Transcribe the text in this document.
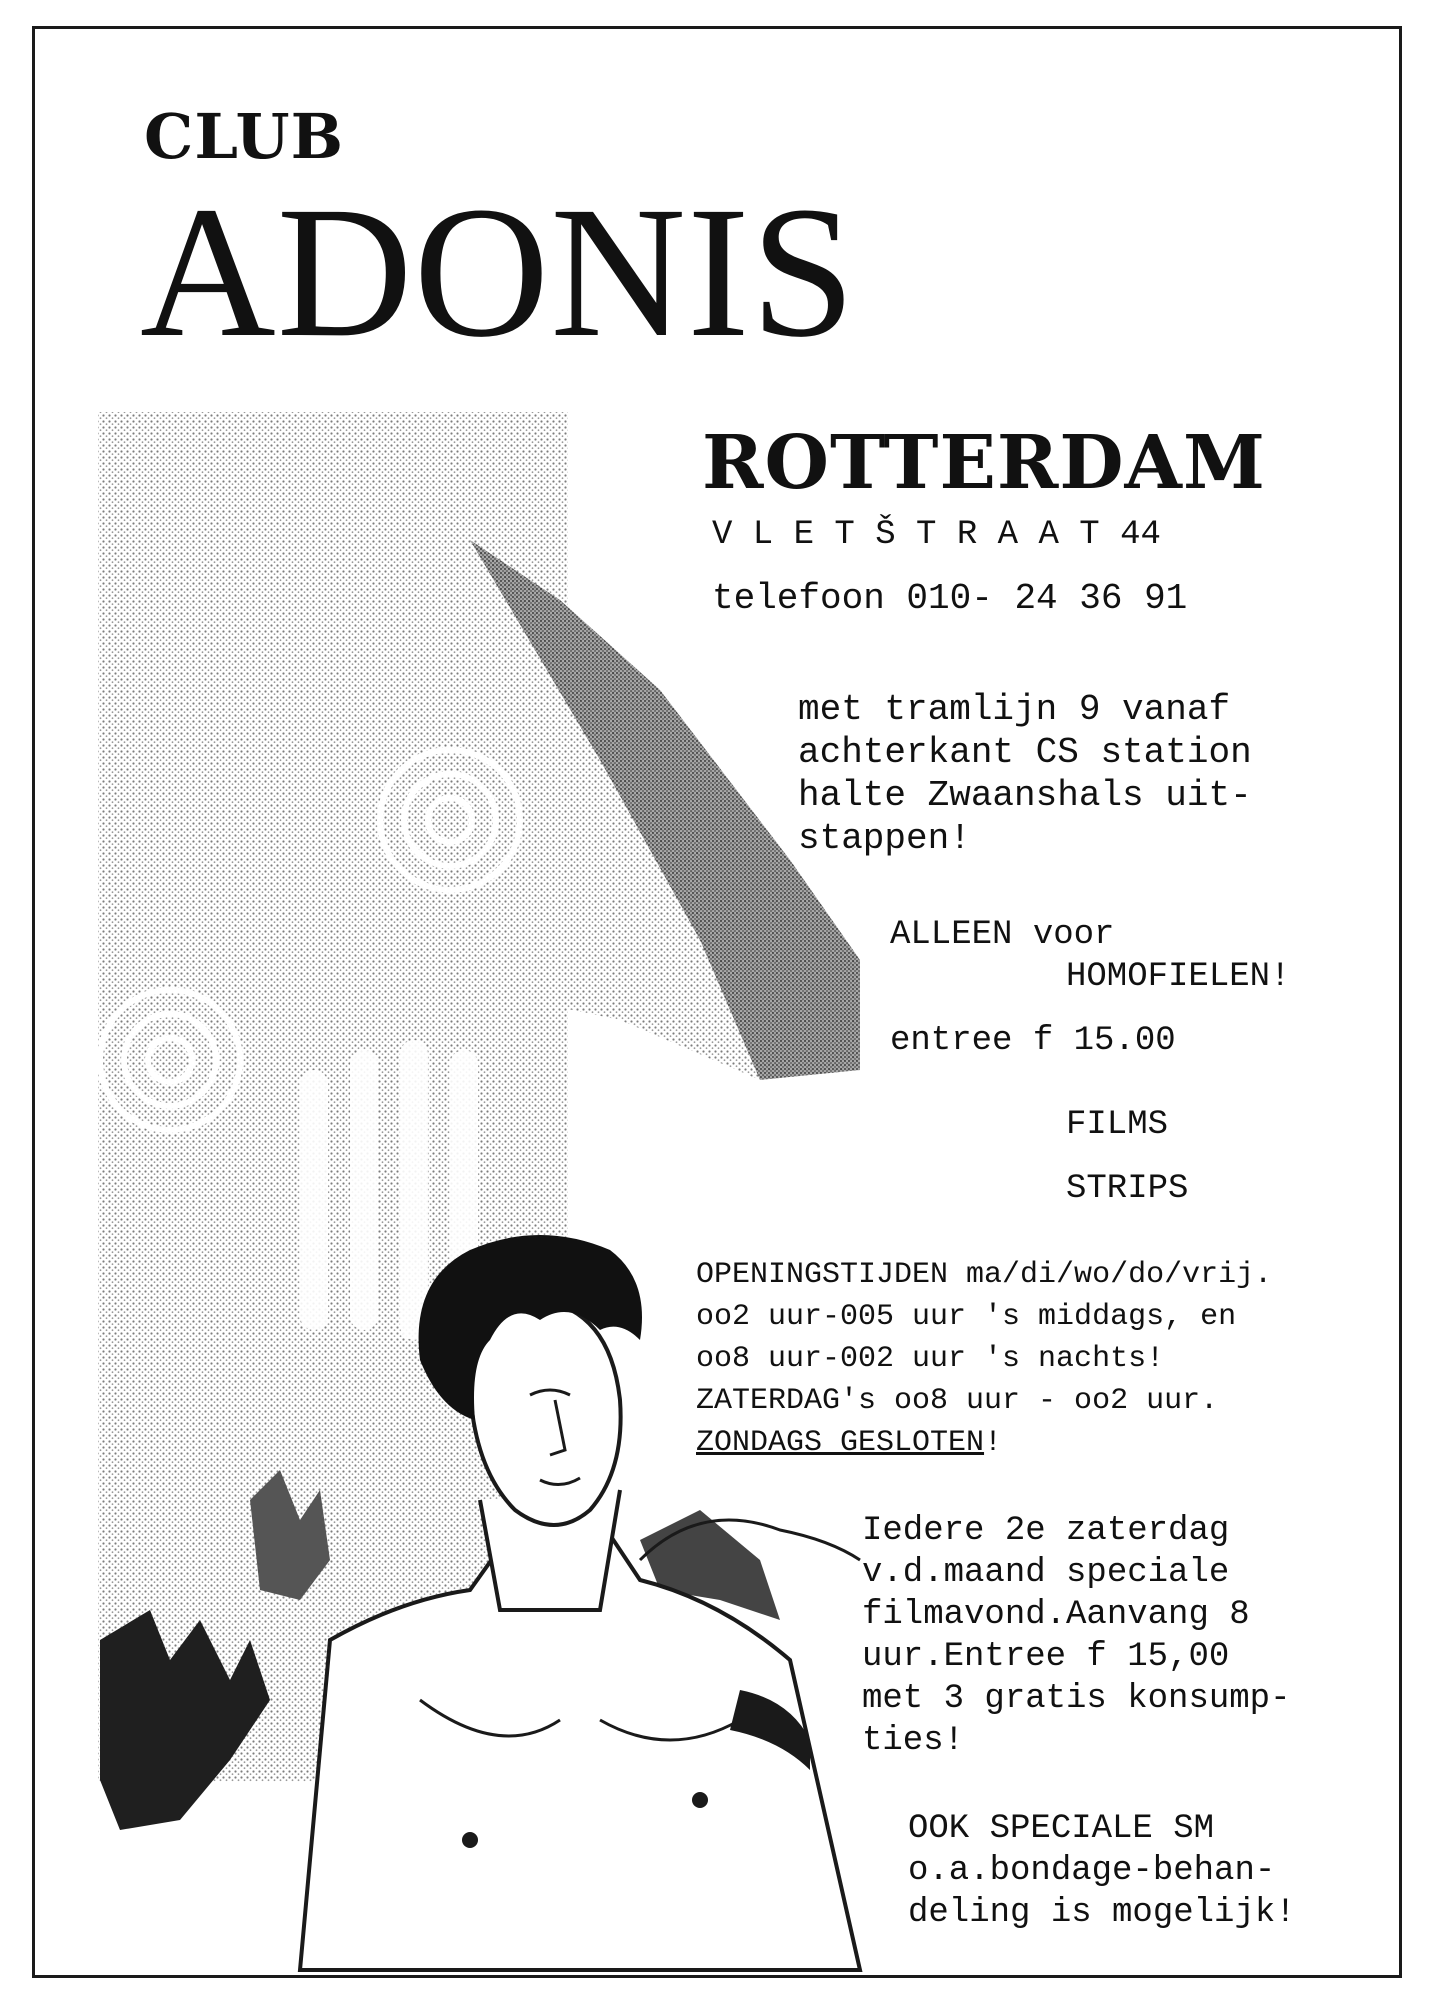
CLUB
ADONIS
ROTTERDAM
V L E T Š T R A A T 44
telefoon 010- 24 36 91
met tramlijn 9 vanaf
achterkant CS station
halte Zwaanshals uit-
stappen!
ALLEEN voor
HOMOFIELEN!
entree f 15.00
FILMS
STRIPS
OPENINGSTIJDEN ma/di/wo/do/vrij.
oo2 uur-005 uur 's middags, en
oo8 uur-002 uur 's nachts!
ZATERDAG's oo8 uur - oo2 uur.
ZONDAGS GESLOTEN!
Iedere 2e zaterdag
v.d.maand speciale
filmavond.Aanvang 8
uur.Entree f 15,00
met 3 gratis konsump-
ties!
OOK SPECIALE SM
o.a.bondage-behan-
deling is mogelijk!
